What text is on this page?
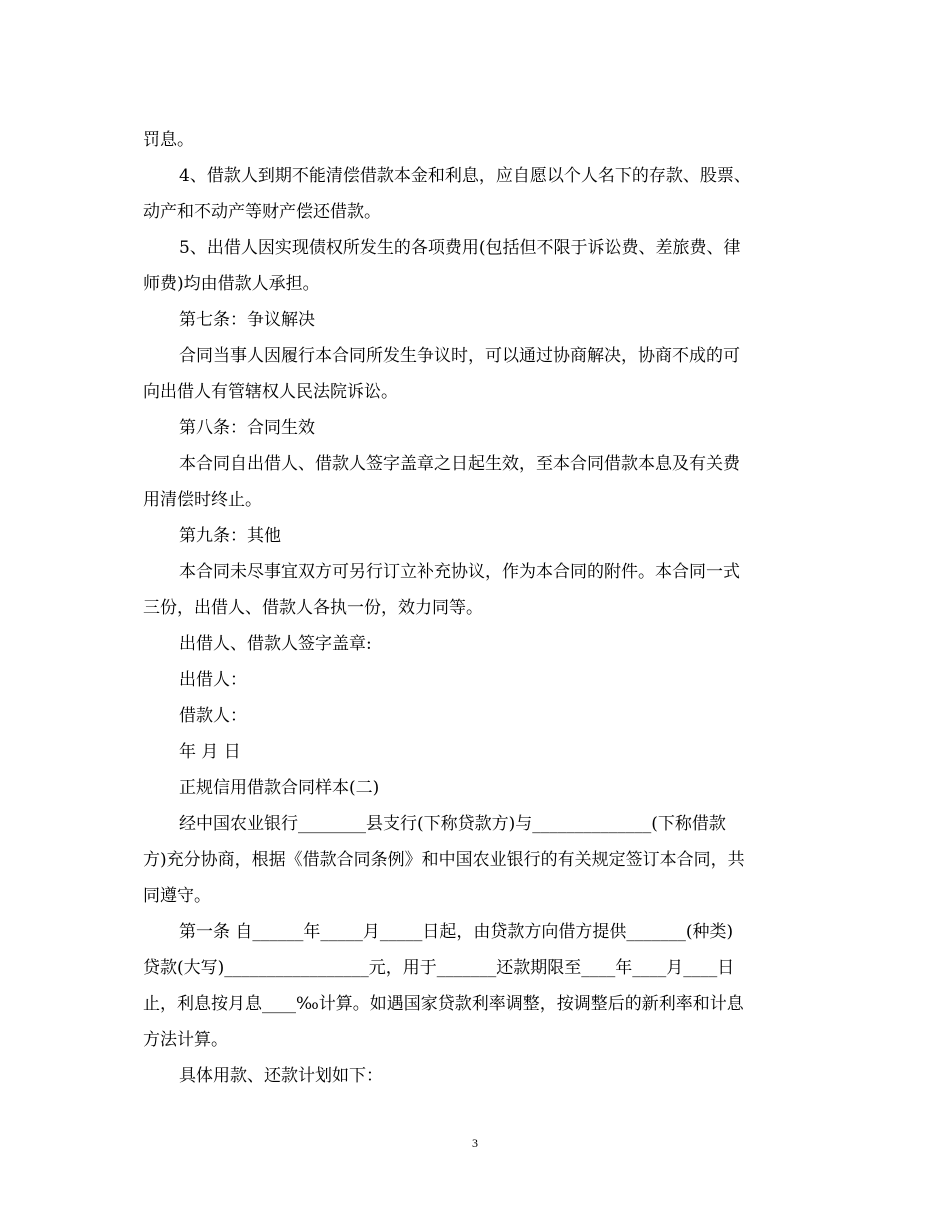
罚息。

4、借款人到期不能清偿借款本金和利息，应自愿以个人名下的存款、股票、

动产和不动产等财产偿还借款。

5、出借人因实现债权所发生的各项费用(包括但不限于诉讼费、差旅费、律

师费)均由借款人承担。

第七条：争议解决

合同当事人因履行本合同所发生争议时，可以通过协商解决，协商不成的可

向出借人有管辖权人民法院诉讼。

第八条：合同生效

本合同自出借人、借款人签字盖章之日起生效，至本合同借款本息及有关费

用清偿时终止。

第九条：其他

本合同未尽事宜双方可另行订立补充协议，作为本合同的附件。本合同一式

三份，出借人、借款人各执一份，效力同等。

出借人、借款人签字盖章:

出借人：

借款人：

年 月 日

正规信用借款合同样本(二)

经中国农业银行________县支行(下称贷款方)与______________(下称借款

方)充分协商，根据《借款合同条例》和中国农业银行的有关规定签订本合同，共

同遵守。

第一条 自______年_____月_____日起，由贷款方向借方提供_______(种类)

贷款(大写)_________________元，用于_______还款期限至____年____月____日

止，利息按月息____‰计算。如遇国家贷款利率调整，按调整后的新利率和计息

方法计算。

具体用款、还款计划如下：

3
